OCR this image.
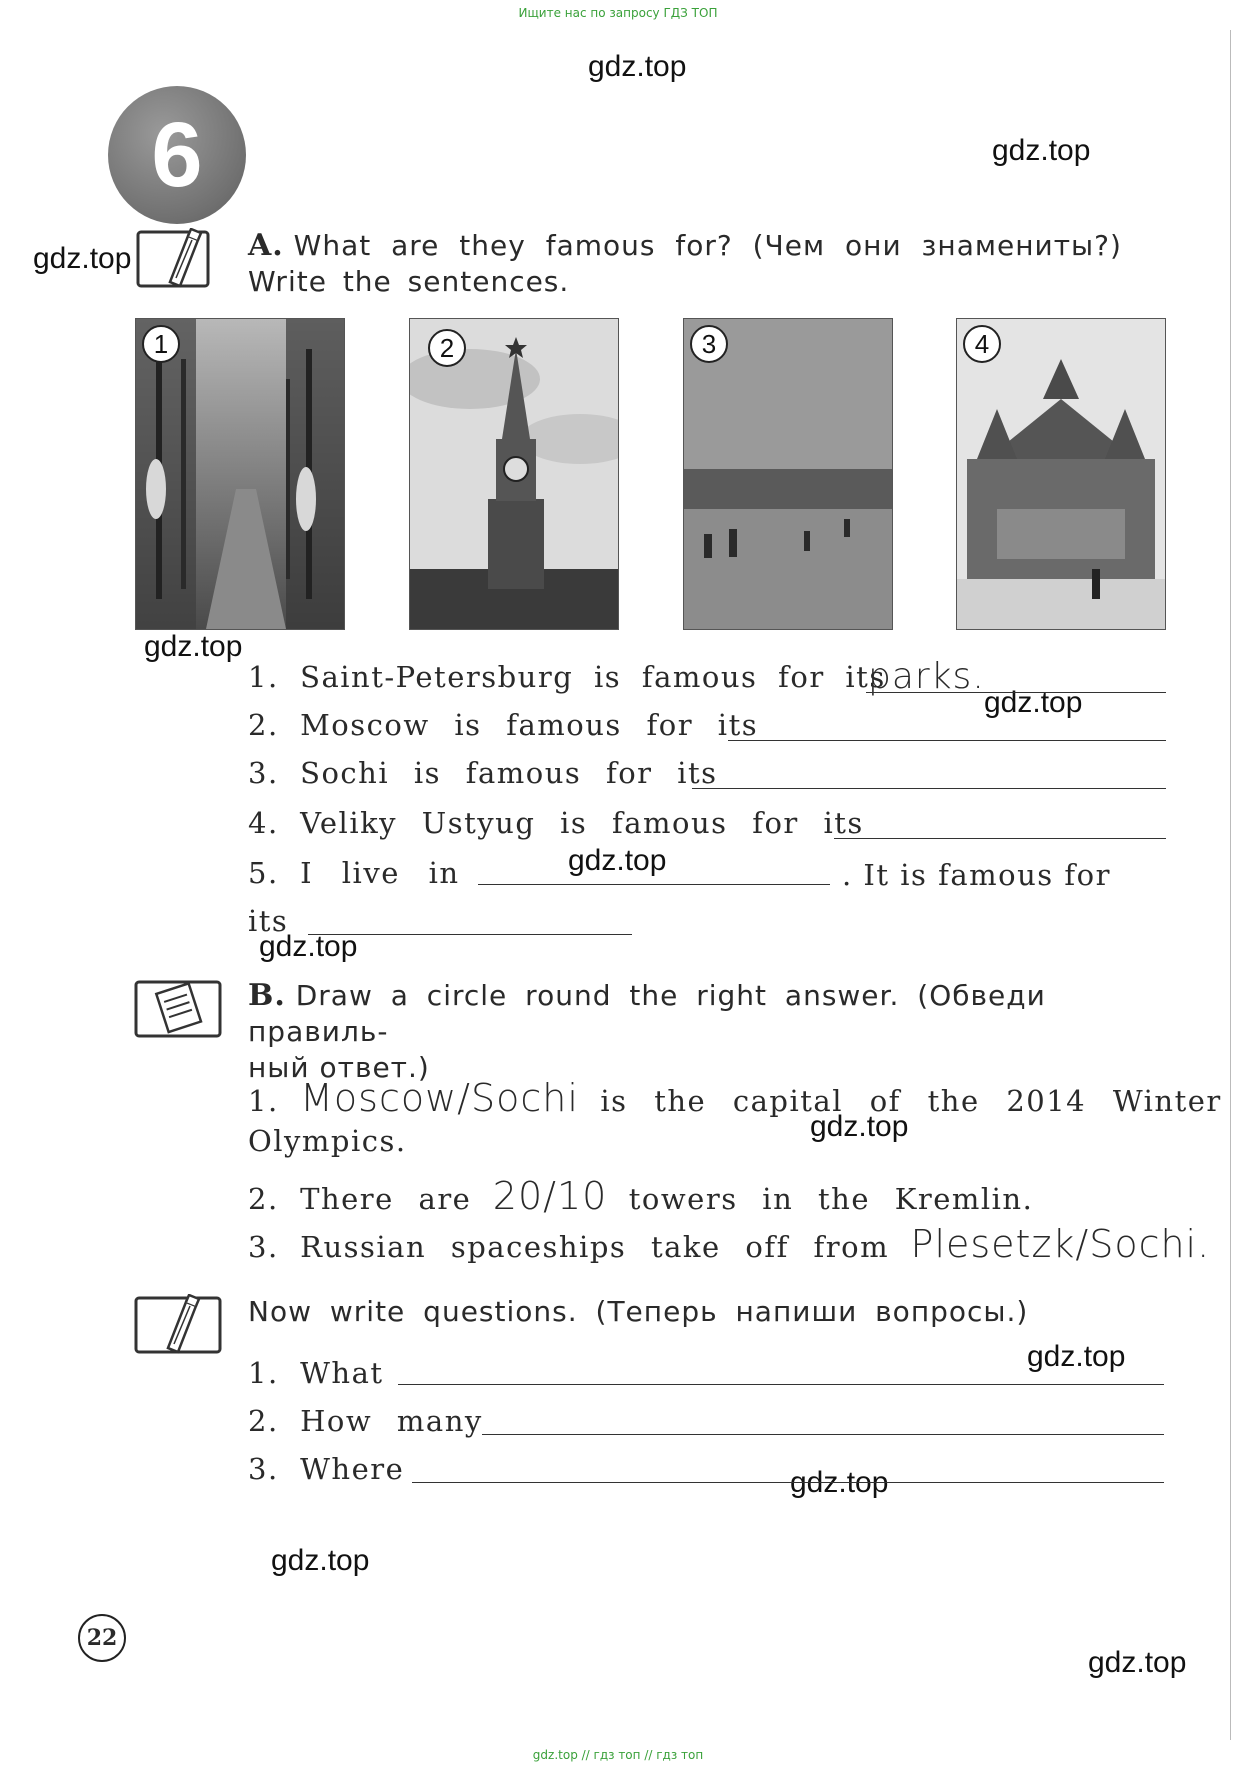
Ищите нас по запросу ГДЗ ТОП
gdz.top
gdz.top
gdz.top
gdz.top
gdz.top
gdz.top
gdz.top
gdz.top
gdz.top
gdz.top
gdz.top
gdz.top
6
A. What are they famous for? (Чем они знамениты?)
Write the sentences.
1	2	3	4
1. Saint-Petersburg is famous for its
parks.
2. Moscow is famous for its
3. Sochi is famous for its
4. Veliky Ustyug is famous for its
5. I live in	. It is famous for
its
B. Draw a circle round the right answer. (Обведи правиль-
ный ответ.)
1. Moscow/Sochi is the capital of the 2014 Winter
Olympics.
2. There are 20/10 towers in the Kremlin.
3. Russian spaceships take off from Plesetzk/Sochi.
Now write questions. (Теперь напиши вопросы.)
1. What
2. How many
3. Where
22
gdz.top // гдз топ // гдз топ
